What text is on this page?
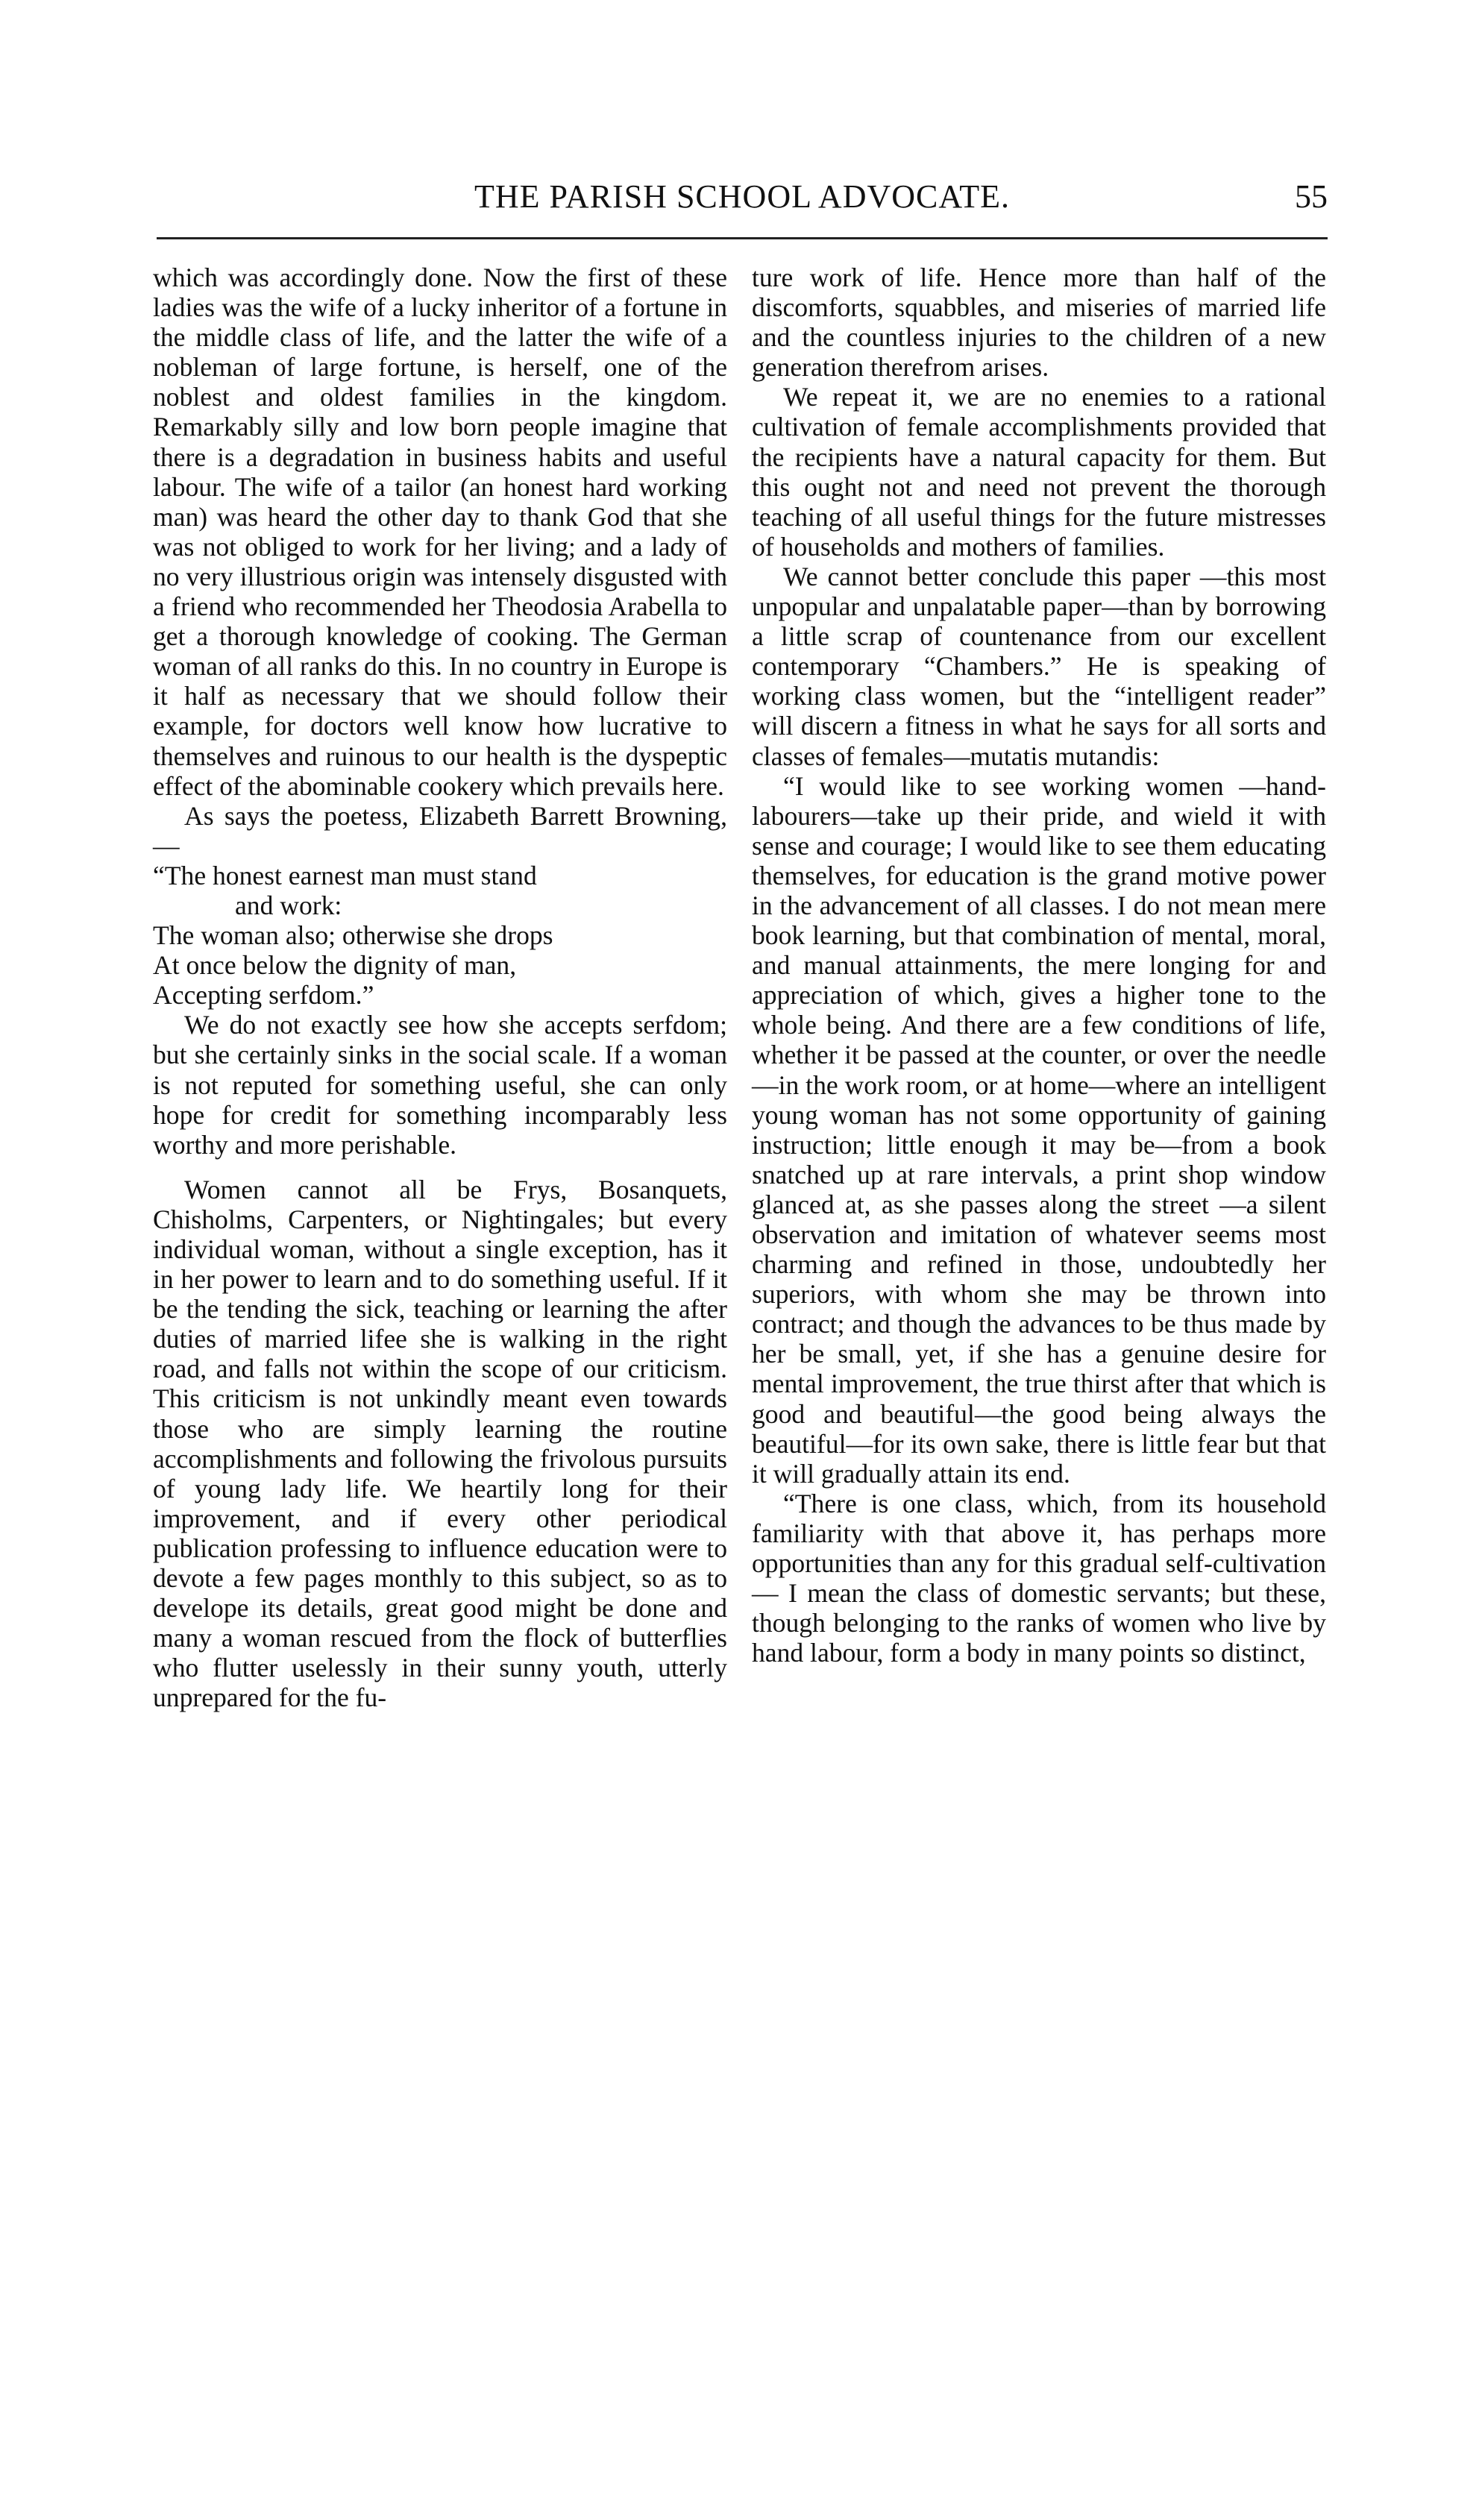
THE PARISH SCHOOL ADVOCATE.	55

which was accordingly done. Now the first of these ladies was the wife of a lucky inheritor of a fortune in the middle class of life, and the latter the wife of a nobleman of large fortune, is herself, one of the noblest and oldest families in the kingdom. Remarkably silly and low born people imagine that there is a degradation in business habits and useful labour. The wife of a tailor (an honest hard working man) was heard the other day to thank God that she was not obliged to work for her living; and a lady of no very illustrious origin was intensely disgusted with a friend who recommended her Theodosia Arabella to get a thorough knowledge of cooking. The German woman of all ranks do this. In no country in Europe is it half as necessary that we should follow their example, for doctors well know how lucrative to themselves and ruinous to our health is the dyspeptic effect of the abominable cookery which prevails here.

As says the poetess, Elizabeth Barrett Browning,—

“The honest earnest man must stand
and work:
The woman also; otherwise she drops
At once below the dignity of man,
Accepting serfdom.”

We do not exactly see how she accepts serfdom; but she certainly sinks in the social scale. If a woman is not reputed for something useful, she can only hope for credit for something incomparably less worthy and more perishable.

Women cannot all be Frys, Bosanquets, Chisholms, Carpenters, or Nightingales; but every individual woman, without a single exception, has it in her power to learn and to do something useful. If it be the tending the sick, teaching or learning the after duties of married lifee she is walking in the right road, and falls not within the scope of our criticism. This criticism is not unkindly meant even towards those who are simply learning the routine accomplishments and following the frivolous pursuits of young lady life. We heartily long for their improvement, and if every other periodical publication professing to influence education were to devote a few pages monthly to this subject, so as to develope its details, great good might be done and many a woman rescued from the flock of butterflies who flutter uselessly in their sunny youth, utterly unprepared for the fu-

ture work of life. Hence more than half of the discomforts, squabbles, and miseries of married life and the countless injuries to the children of a new generation therefrom arises.

We repeat it, we are no enemies to a rational cultivation of female accomplishments provided that the recipients have a natural capacity for them. But this ought not and need not prevent the thorough teaching of all useful things for the future mistresses of households and mothers of families.

We cannot better conclude this paper —this most unpopular and unpalatable paper—than by borrowing a little scrap of countenance from our excellent contemporary “Chambers.” He is speaking of working class women, but the “intelligent reader” will discern a fitness in what he says for all sorts and classes of females—mutatis mutandis:

“I would like to see working women —hand-labourers—take up their pride, and wield it with sense and courage; I would like to see them educating themselves, for education is the grand motive power in the advancement of all classes. I do not mean mere book learning, but that combination of mental, moral, and manual attainments, the mere longing for and appreciation of which, gives a higher tone to the whole being. And there are a few conditions of life, whether it be passed at the counter, or over the needle—in the work room, or at home—where an intelligent young woman has not some opportunity of gaining instruction; little enough it may be—from a book snatched up at rare intervals, a print shop window glanced at, as she passes along the street —a silent observation and imitation of whatever seems most charming and refined in those, undoubtedly her superiors, with whom she may be thrown into contract; and though the advances to be thus made by her be small, yet, if she has a genuine desire for mental improvement, the true thirst after that which is good and beautiful—the good being always the beautiful—for its own sake, there is little fear but that it will gradually attain its end.

“There is one class, which, from its household familiarity with that above it, has perhaps more opportunities than any for this gradual self-cultivation— I mean the class of domestic servants; but these, though belonging to the ranks of women who live by hand labour, form a body in many points so distinct,
